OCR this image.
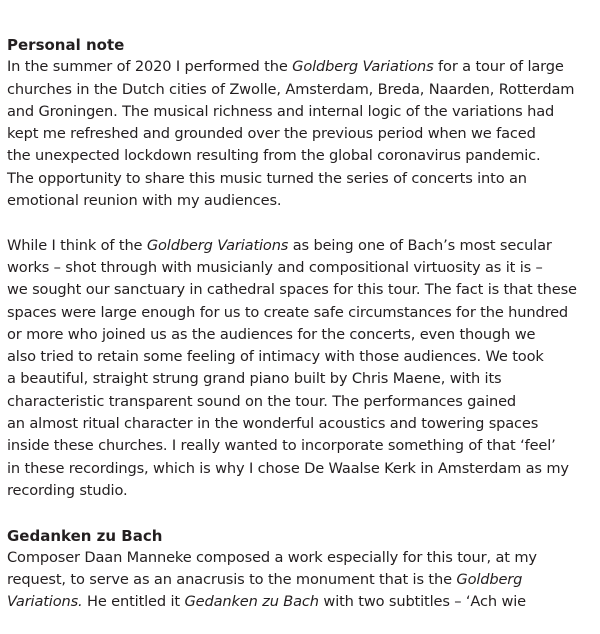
Personal note
In the summer of 2020 I performed the Goldberg Variations for a tour of large
churches in the Dutch cities of Zwolle, Amsterdam, Breda, Naarden, Rotterdam
and Groningen. The musical richness and internal logic of the variations had
kept me refreshed and grounded over the previous period when we faced
the unexpected lockdown resulting from the global coronavirus pandemic.
The opportunity to share this music turned the series of concerts into an
emotional reunion with my audiences.
While I think of the Goldberg Variations as being one of Bach’s most secular
works – shot through with musicianly and compositional virtuosity as it is –
we sought our sanctuary in cathedral spaces for this tour. The fact is that these
spaces were large enough for us to create safe circumstances for the hundred
or more who joined us as the audiences for the concerts, even though we
also tried to retain some feeling of intimacy with those audiences. We took
a beautiful, straight strung grand piano built by Chris Maene, with its
characteristic transparent sound on the tour. The performances gained
an almost ritual character in the wonderful acoustics and towering spaces
inside these churches. I really wanted to incorporate something of that ‘feel’
in these recordings, which is why I chose De Waalse Kerk in Amsterdam as my
recording studio.
Gedanken zu Bach
Composer Daan Manneke composed a work especially for this tour, at my
request, to serve as an anacrusis to the monument that is the Goldberg
Variations. He entitled it Gedanken zu Bach with two subtitles – ‘Ach wie
